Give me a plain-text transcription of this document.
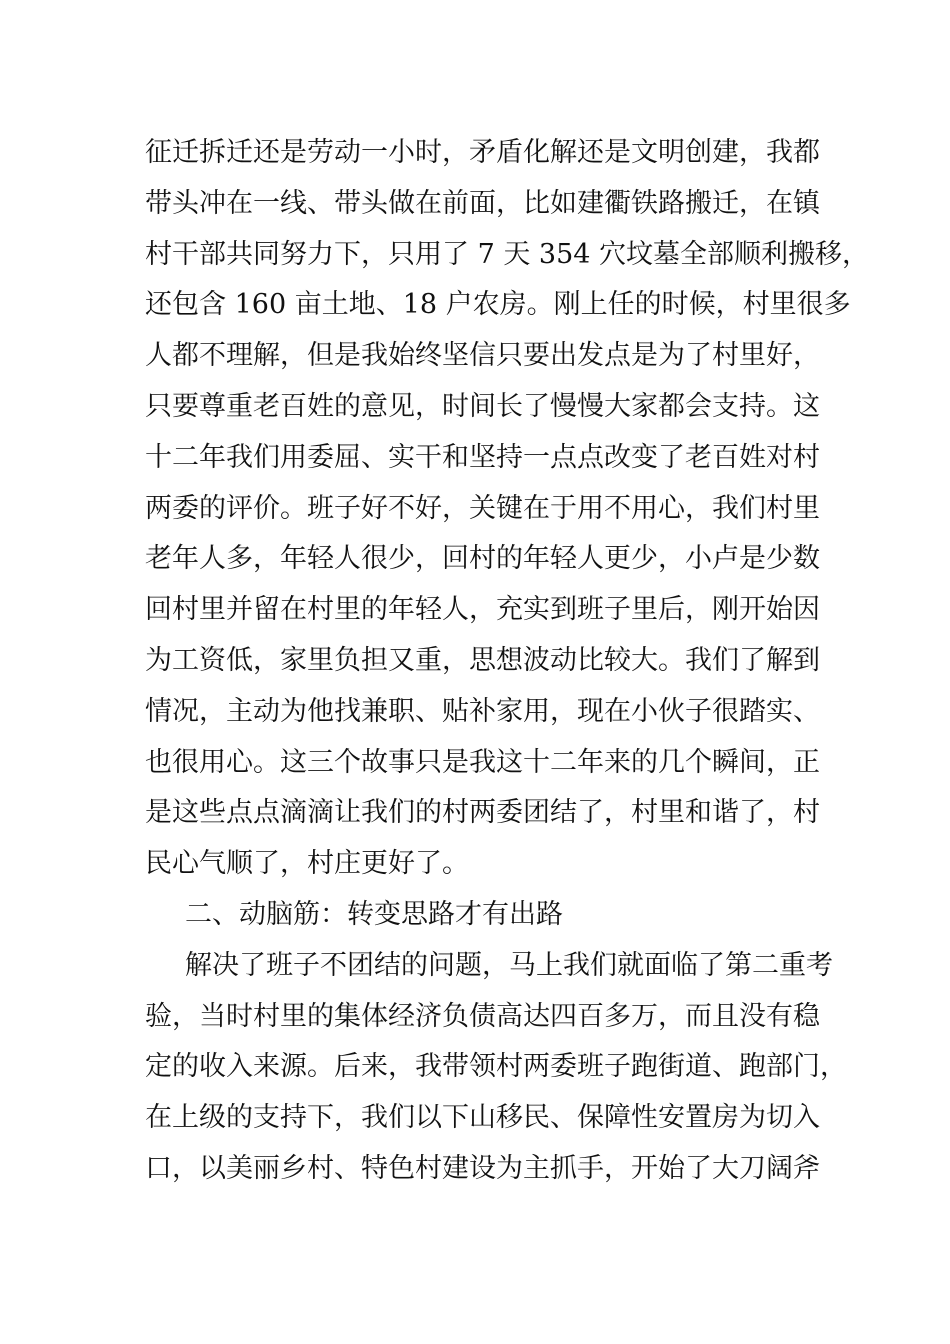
征迁拆迁还是劳动一小时，矛盾化解还是文明创建，我都
带头冲在一线、带头做在前面，比如建衢铁路搬迁，在镇
村干部共同努力下，只用了 7 天 354 穴坟墓全部顺利搬移，
还包含 160 亩土地、18 户农房。刚上任的时候，村里很多
人都不理解，但是我始终坚信只要出发点是为了村里好，
只要尊重老百姓的意见，时间长了慢慢大家都会支持。这
十二年我们用委屈、实干和坚持一点点改变了老百姓对村
两委的评价。班子好不好，关键在于用不用心，我们村里
老年人多，年轻人很少，回村的年轻人更少，小卢是少数
回村里并留在村里的年轻人，充实到班子里后，刚开始因
为工资低，家里负担又重，思想波动比较大。我们了解到
情况，主动为他找兼职、贴补家用，现在小伙子很踏实、
也很用心。这三个故事只是我这十二年来的几个瞬间，正
是这些点点滴滴让我们的村两委团结了，村里和谐了，村
民心气顺了，村庄更好了。
二、动脑筋：转变思路才有出路
解决了班子不团结的问题，马上我们就面临了第二重考
验，当时村里的集体经济负债高达四百多万，而且没有稳
定的收入来源。后来，我带领村两委班子跑街道、跑部门，
在上级的支持下，我们以下山移民、保障性安置房为切入
口，以美丽乡村、特色村建设为主抓手，开始了大刀阔斧
